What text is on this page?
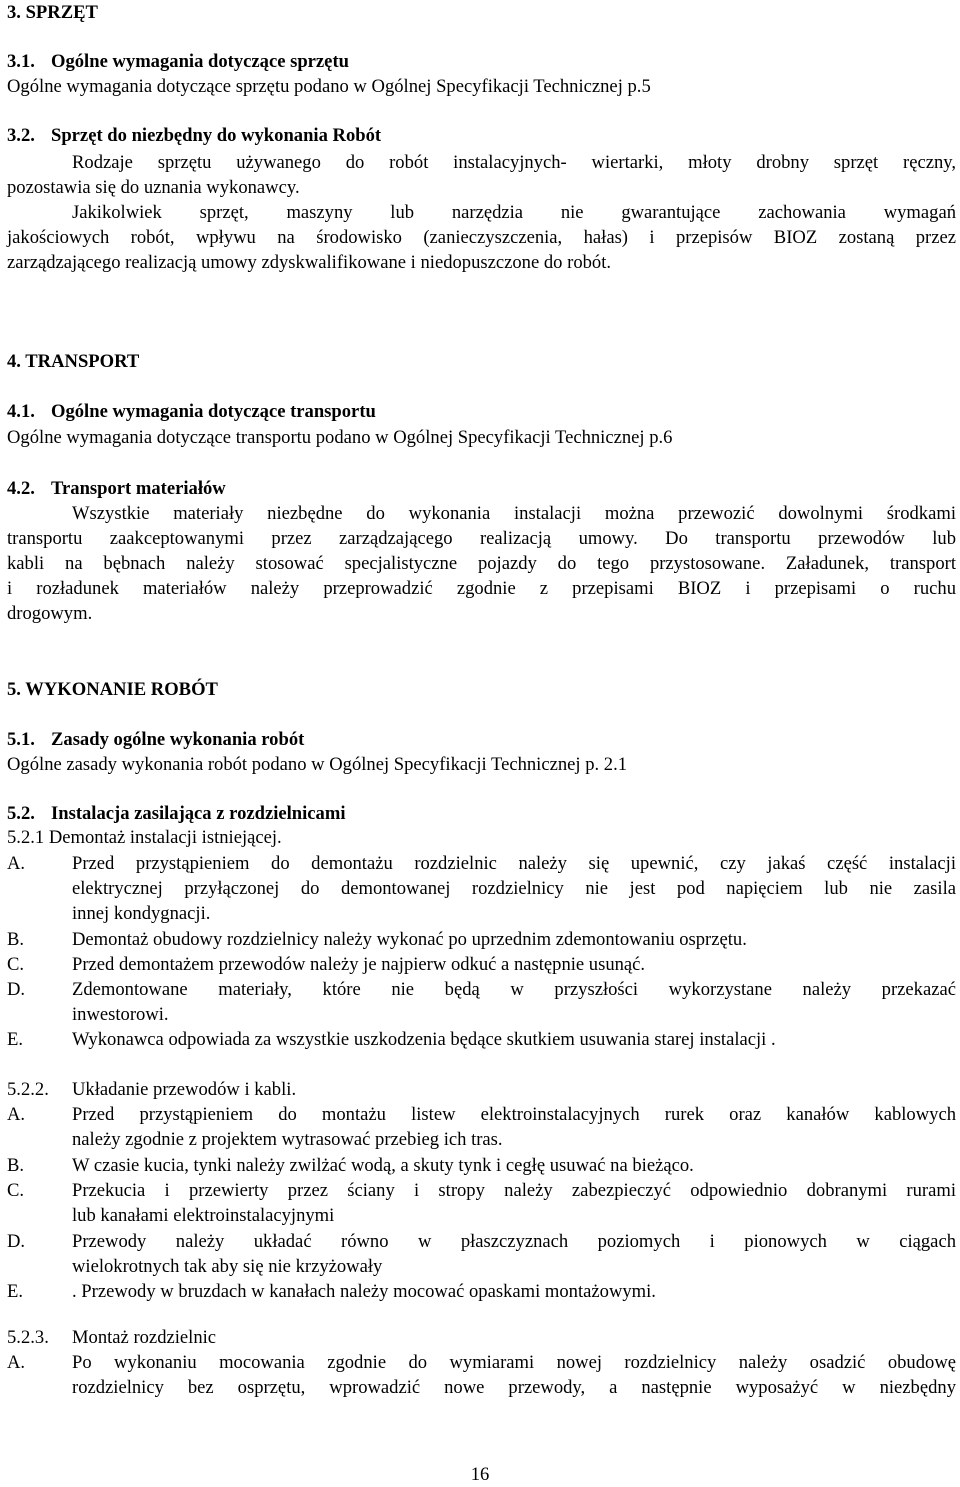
3. SPRZĘT
3.1. Ogólne wymagania dotyczące sprzętu
Ogólne wymagania dotyczące sprzętu podano w Ogólnej Specyfikacji Technicznej p.5
3.2. Sprzęt do niezbędny do wykonania Robót
Rodzaje sprzętu używanego do robót instalacyjnych- wiertarki, młoty drobny sprzęt ręczny,
pozostawia się do uznania wykonawcy.
Jakikolwiek sprzęt, maszyny lub narzędzia nie gwarantujące zachowania wymagań
jakościowych robót, wpływu na środowisko (zanieczyszczenia, hałas) i przepisów BIOZ zostaną przez
zarządzającego realizacją umowy zdyskwalifikowane i niedopuszczone do robót.
4. TRANSPORT
4.1. Ogólne wymagania dotyczące transportu
Ogólne wymagania dotyczące transportu podano w Ogólnej Specyfikacji Technicznej p.6
4.2. Transport materiałów
Wszystkie materiały niezbędne do wykonania instalacji można przewozić dowolnymi środkami
transportu zaakceptowanymi przez zarządzającego realizacją umowy. Do transportu przewodów lub
kabli na bębnach należy stosować specjalistyczne pojazdy do tego przystosowane. Załadunek, transport
i rozładunek materiałów należy przeprowadzić zgodnie z przepisami BIOZ i przepisami o ruchu
drogowym.
5. WYKONANIE ROBÓT
5.1. Zasady ogólne wykonania robót
Ogólne zasady wykonania robót podano w Ogólnej Specyfikacji Technicznej p. 2.1
5.2. Instalacja zasilająca z rozdzielnicami
5.2.1 Demontaż instalacji istniejącej.
A.	Przed przystąpieniem do demontażu rozdzielnic należy się upewnić, czy jakaś część instalacji
elektrycznej przyłączonej do demontowanej rozdzielnicy nie jest pod napięciem lub nie zasila
innej kondygnacji.
B.	Demontaż obudowy rozdzielnicy należy wykonać po uprzednim zdemontowaniu osprzętu.
C.	Przed demontażem przewodów należy je najpierw odkuć a następnie usunąć.
D.	Zdemontowane materiały, które nie będą w przyszłości wykorzystane należy przekazać
inwestorowi.
E.	Wykonawca odpowiada za wszystkie uszkodzenia będące skutkiem usuwania starej instalacji .
5.2.2. Układanie przewodów i kabli.
A.	Przed przystąpieniem do montażu listew elektroinstalacyjnych rurek oraz kanałów kablowych
należy zgodnie z projektem wytrasować przebieg ich tras.
B.	W czasie kucia, tynki należy zwilżać wodą, a skuty tynk i cegłę usuwać na bieżąco.
C.	Przekucia i przewierty przez ściany i stropy należy zabezpieczyć odpowiednio dobranymi rurami
lub kanałami elektroinstalacyjnymi
D.	Przewody należy układać równo w płaszczyznach poziomych i pionowych w ciągach
wielokrotnych tak aby się nie krzyżowały
E.	. Przewody w bruzdach w kanałach należy mocować opaskami montażowymi.
5.2.3. Montaż rozdzielnic
A.	Po wykonaniu mocowania zgodnie do wymiarami nowej rozdzielnicy należy osadzić obudowę
rozdzielnicy bez osprzętu, wprowadzić nowe przewody, a następnie wyposażyć w niezbędny
16
